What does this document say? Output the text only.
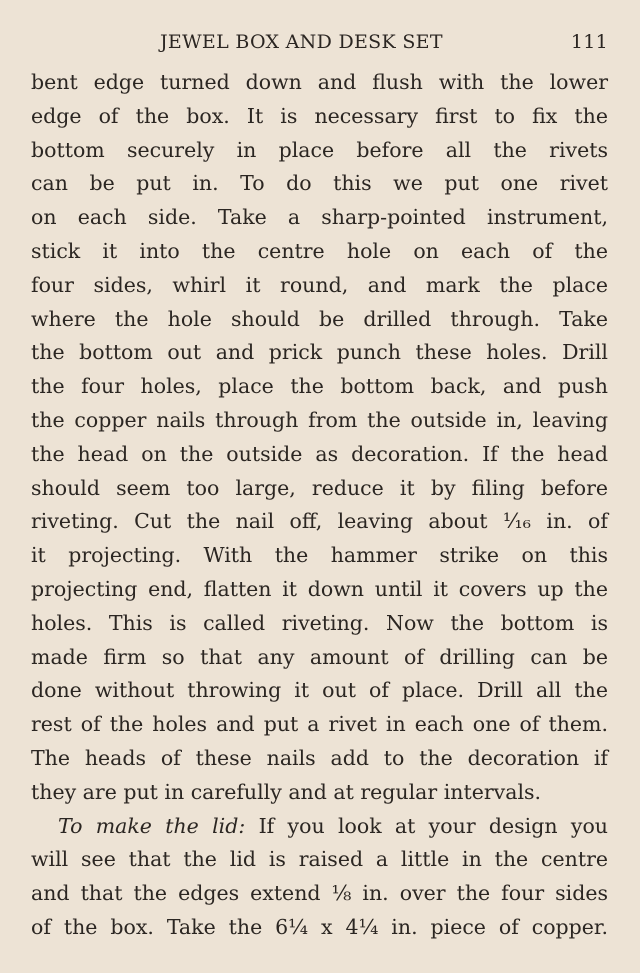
JEWEL BOX AND DESK SET	111
bent edge turned down and flush with the lower
edge of the box. It is necessary first to fix the
bottom securely in place before all the rivets
can be put in. To do this we put one rivet
on each side. Take a sharp-pointed instrument,
stick it into the centre hole on each of the
four sides, whirl it round, and mark the place
where the hole should be drilled through. Take
the bottom out and prick punch these holes. Drill
the four holes, place the bottom back, and push
the copper nails through from the outside in, leaving
the head on the outside as decoration. If the head
should seem too large, reduce it by filing before
riveting. Cut the nail off, leaving about ¹⁄₁₆ in. of
it projecting. With the hammer strike on this
projecting end, flatten it down until it covers up the
holes. This is called riveting. Now the bottom is
made firm so that any amount of drilling can be
done without throwing it out of place. Drill all the
rest of the holes and put a rivet in each one of them.
The heads of these nails add to the decoration if
they are put in carefully and at regular intervals.
To make the lid: If you look at your design you
will see that the lid is raised a little in the centre
and that the edges extend ⅛ in. over the four sides
of the box. Take the 6¼ x 4¼ in. piece of copper.
